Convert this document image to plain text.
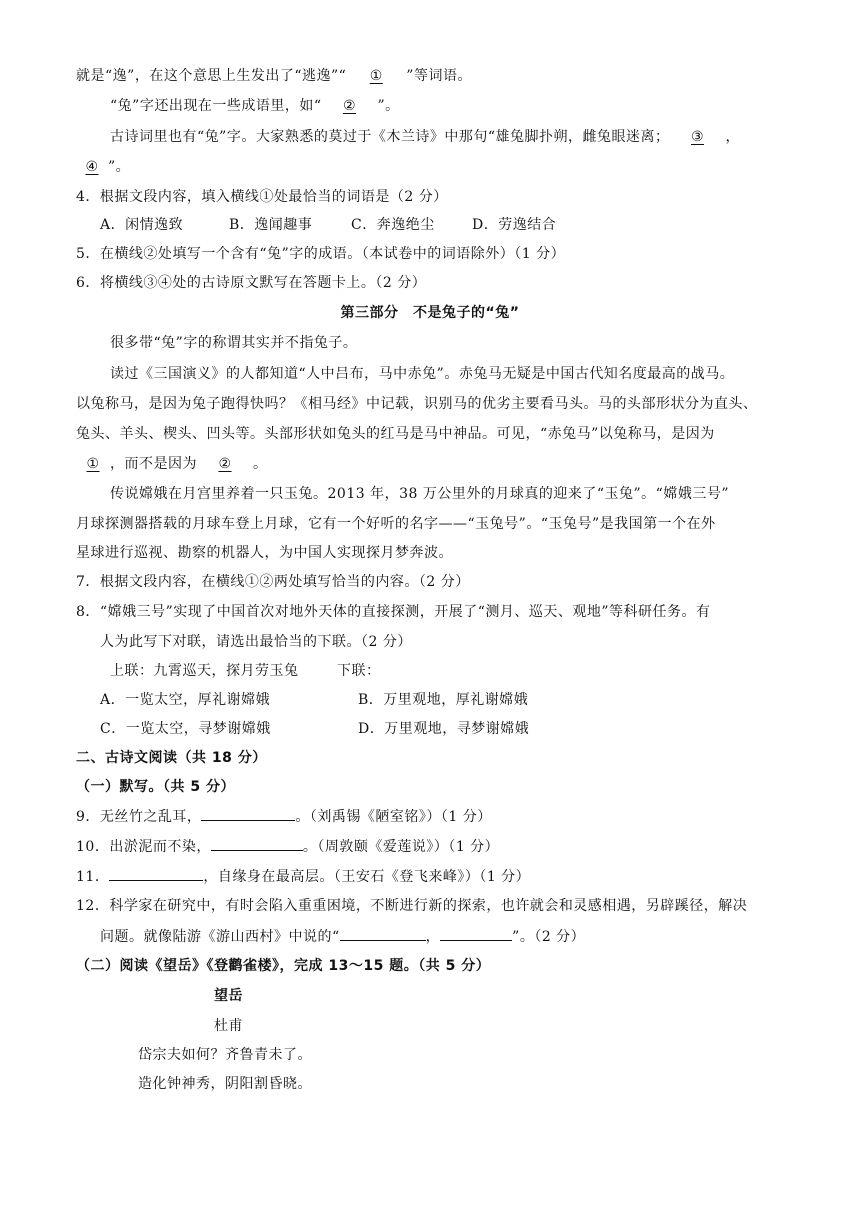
就是“逸”，在这个意思上生发出了“逃逸”“ ① ”等词语。
“兔”字还出现在一些成语里，如“ ② ”。
古诗词里也有“兔”字。大家熟悉的莫过于《木兰诗》中那句“雄兔脚扑朔，雌兔眼迷离； ③ ，
④ ”。
4．根据文段内容，填入横线①处最恰当的词语是（2 分）
A．闲情逸致	B．逸闻趣事	C．奔逸绝尘	D．劳逸结合
5．在横线②处填写一个含有“兔”字的成语。（本试卷中的词语除外）（1 分）
6．将横线③④处的古诗原文默写在答题卡上。（2 分）
第三部分　不是兔子的“兔”
很多带“兔”字的称谓其实并不指兔子。
读过《三国演义》的人都知道“人中吕布，马中赤兔”。赤兔马无疑是中国古代知名度最高的战马。
以兔称马，是因为兔子跑得快吗？《相马经》中记载，识别马的优劣主要看马头。马的头部形状分为直头、
兔头、羊头、楔头、凹头等。头部形状如兔头的红马是马中神品。可见，“赤兔马”以兔称马，是因为
① ，而不是因为 ② 。
传说嫦娥在月宫里养着一只玉兔。2013 年，38 万公里外的月球真的迎来了“玉兔”。“嫦娥三号”
月球探测器搭载的月球车登上月球，它有一个好听的名字——“玉兔号”。“玉兔号”是我国第一个在外
星球进行巡视、勘察的机器人，为中国人实现探月梦奔波。
7．根据文段内容，在横线①②两处填写恰当的内容。（2 分）
8．“嫦娥三号”实现了中国首次对地外天体的直接探测，开展了“测月、巡天、观地”等科研任务。有
人为此写下对联，请选出最恰当的下联。（2 分）
上联：九霄巡天，探月劳玉兔	下联：
A．一览太空，厚礼谢嫦娥	B．万里观地，厚礼谢嫦娥
C．一览太空，寻梦谢嫦娥	D．万里观地，寻梦谢嫦娥
二、古诗文阅读（共 18 分）
（一）默写。（共 5 分）
9．无丝竹之乱耳，	。（刘禹锡《陋室铭》）（1 分）
10．出淤泥而不染，	。（周敦颐《爱莲说》）（1 分）
11．	，自缘身在最高层。（王安石《登飞来峰》）（1 分）
12．科学家在研究中，有时会陷入重重困境，不断进行新的探索，也许就会和灵感相遇，另辟蹊径，解决
问题。就像陆游《游山西村》中说的“	，	”。（2 分）
（二）阅读《望岳》《登鹳雀楼》，完成 13～15 题。（共 5 分）
望岳
杜甫
岱宗夫如何？齐鲁青未了。
造化钟神秀，阴阳割昏晓。
